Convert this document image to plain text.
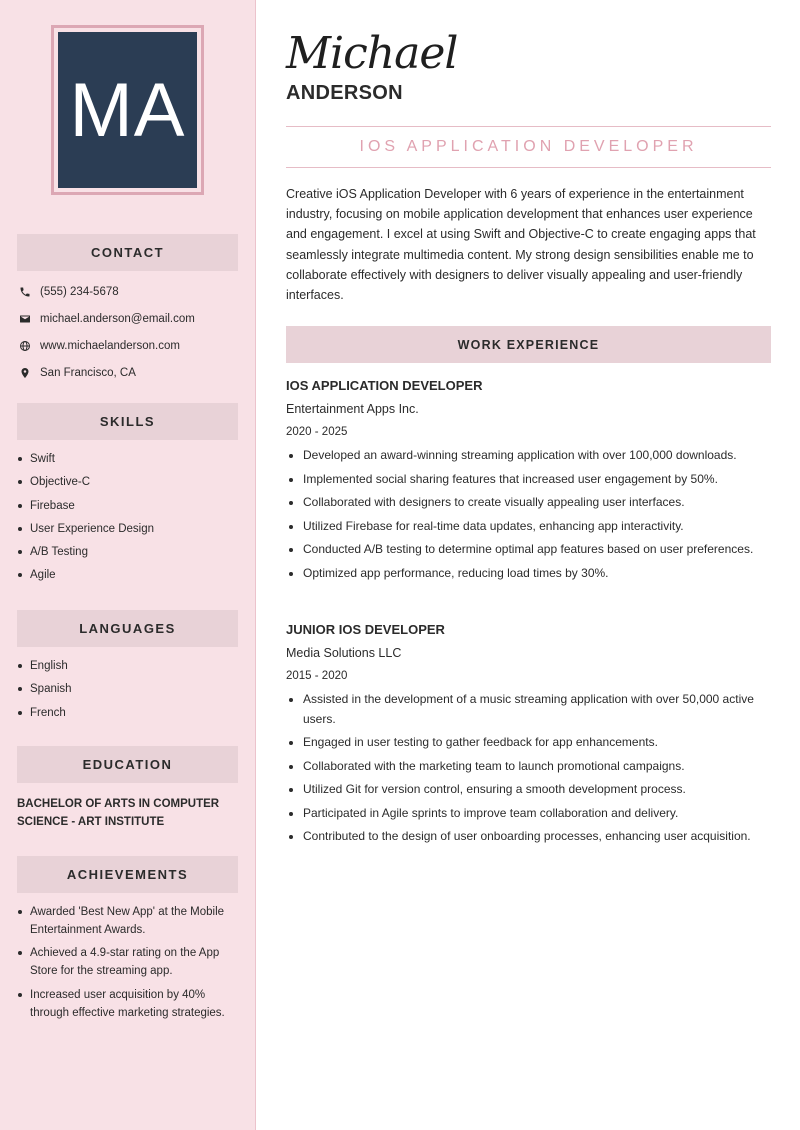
MA
CONTACT
(555) 234-5678
michael.anderson@email.com
www.michaelanderson.com
San Francisco, CA
SKILLS
Swift
Objective-C
Firebase
User Experience Design
A/B Testing
Agile
LANGUAGES
English
Spanish
French
EDUCATION
BACHELOR OF ARTS IN COMPUTER SCIENCE - ART INSTITUTE
ACHIEVEMENTS
Awarded 'Best New App' at the Mobile Entertainment Awards.
Achieved a 4.9-star rating on the App Store for the streaming app.
Increased user acquisition by 40% through effective marketing strategies.
Michael
ANDERSON
IOS APPLICATION DEVELOPER

Creative iOS Application Developer with 6 years of experience in the entertainment industry, focusing on mobile application development that enhances user experience and engagement. I excel at using Swift and Objective-C to create engaging apps that seamlessly integrate multimedia content. My strong design sensibilities enable me to collaborate effectively with designers to deliver visually appealing and user-friendly interfaces.

WORK EXPERIENCE
IOS APPLICATION DEVELOPER
Entertainment Apps Inc.
2020 - 2025
Developed an award-winning streaming application with over 100,000 downloads.
Implemented social sharing features that increased user engagement by 50%.
Collaborated with designers to create visually appealing user interfaces.
Utilized Firebase for real-time data updates, enhancing app interactivity.
Conducted A/B testing to determine optimal app features based on user preferences.
Optimized app performance, reducing load times by 30%.
JUNIOR IOS DEVELOPER
Media Solutions LLC
2015 - 2020
Assisted in the development of a music streaming application with over 50,000 active users.
Engaged in user testing to gather feedback for app enhancements.
Collaborated with the marketing team to launch promotional campaigns.
Utilized Git for version control, ensuring a smooth development process.
Participated in Agile sprints to improve team collaboration and delivery.
Contributed to the design of user onboarding processes, enhancing user acquisition.
